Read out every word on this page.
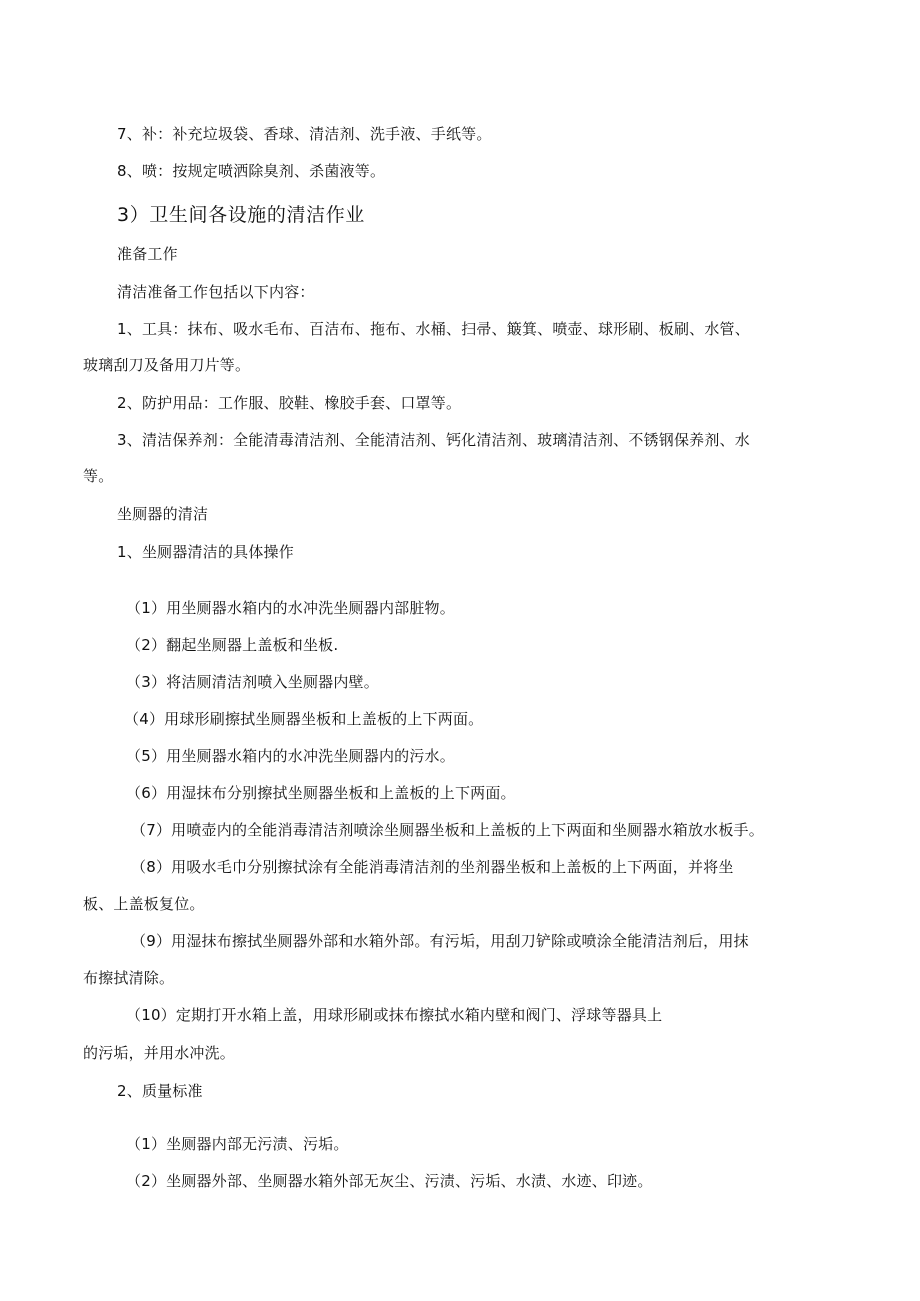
7、补：补充垃圾袋、香球、清洁剂、洗手液、手纸等。
8、喷：按规定喷洒除臭剂、杀菌液等。
3）卫生间各设施的清洁作业
准备工作
清洁准备工作包括以下内容：
1、工具：抹布、吸水毛布、百洁布、拖布、水桶、扫帚、簸箕、喷壶、球形刷、板刷、水管、
玻璃刮刀及备用刀片等。
2、防护用品：工作服、胶鞋、橡胶手套、口罩等。
3、清洁保养剂：全能清毒清洁剂、全能清洁剂、钙化清洁剂、玻璃清洁剂、不锈钢保养剂、水
等。
坐厕器的清洁
1、坐厕器清洁的具体操作
（1）用坐厕器水箱内的水冲洗坐厕器内部脏物。
（2）翻起坐厕器上盖板和坐板.
（3）将洁厕清洁剂喷入坐厕器内壁。
（4）用球形刷擦拭坐厕器坐板和上盖板的上下两面。
（5）用坐厕器水箱内的水冲洗坐厕器内的污水。
（6）用湿抹布分别擦拭坐厕器坐板和上盖板的上下两面。
（7）用喷壶内的全能消毒清洁剂喷涂坐厕器坐板和上盖板的上下两面和坐厕器水箱放水板手。
（8）用吸水毛巾分别擦拭涂有全能消毒清洁剂的坐剂器坐板和上盖板的上下两面，并将坐
板、上盖板复位。
（9）用湿抹布擦拭坐厕器外部和水箱外部。有污垢，用刮刀铲除或喷涂全能清洁剂后，用抹
布擦拭清除。
（10）定期打开水箱上盖，用球形刷或抹布擦拭水箱内壁和阀门、浮球等器具上
的污垢，并用水冲洗。
2、质量标准
（1）坐厕器内部无污渍、污垢。
（2）坐厕器外部、坐厕器水箱外部无灰尘、污渍、污垢、水渍、水迹、印迹。
